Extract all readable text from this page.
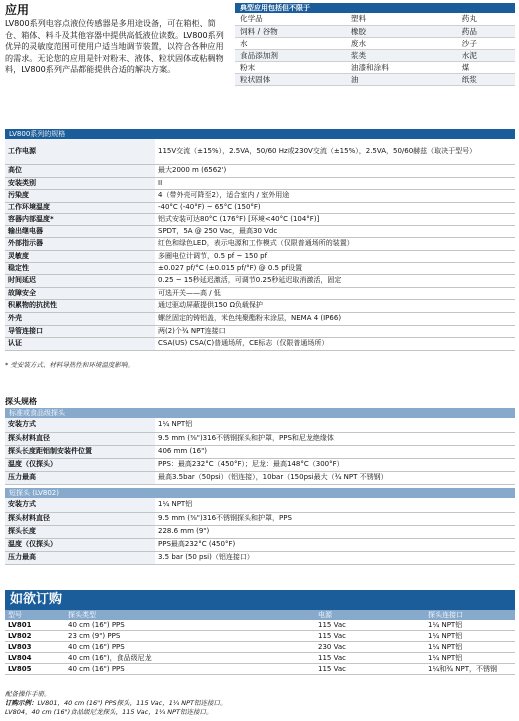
应用

LV800系列电容点液位传感器是多用途设备，可在箱柜、简仓、箱体、料斗及其他容器中提供高低液位读数。LV800系列优异的灵敏度范围可使用户适当地调节装置，以符合各种应用的需求。无论您的应用是针对粉末、液体、粒状固体或粘稠物料，LV800系列产品都能提供合适的解决方案。

典型应用包括但不限于		
化学品	塑料	药丸
饲料 / 谷物	橡胶	药品
水	废水	沙子
食品添加剂	浆类	水泥
粉末	油漆和涂料	煤
粒状固体	油	纸浆
LV800系列的规格
工作电源	115V交流（±15%），2.5VA，50/60 Hz或230V交流（±15%），2.5VA，50/60赫兹（取决于型号）
高位	最大2000 m (6562')
安装类别	II
污染度	4（带外壳可降至2），适合室内 / 室外用途
工作环境温度	-40°C (-40°F) ~ 65°C (150°F)
容器内部温度*	铝式安装可达80°C (176°F) [环境<40°C (104°F)]
输出继电器	SPDT，5A @ 250 Vac，最高30 Vdc
外部指示器	红色和绿色LED，表示电源和工作模式（仅限普通场所的装置）
灵敏度	多圈电位计调节，0.5 pf ~ 150 pf
稳定性	±0.027 pf/°C (±0.015 pf/°F) @ 0.5 pf设置
时间延迟	0.25 ~ 15秒延迟激活，可调节0.25秒延迟取消激活，固定
故障安全	可选开关——高 / 低
积累物的抗扰性	通过驱动屏蔽提供150 Ω负载保护
外壳	螺丝固定的铸铝盖，米色纯聚酯粉末涂层，NEMA 4 (IP66)
导管连接口	两(2)个¾ NPT连接口
认证	CSA(US) CSA(C)普通场所，CE标志（仅限普通场所）
* 受安装方式、材料导热性和环境温度影响。
探头规格
标准或食品级探头
安装方式	1¼ NPT铝
探头材料直径	9.5 mm (⅜")316不锈钢探头和护罩，PPS和尼龙绝缘体
探头长度距铝制安装件位置	406 mm (16")
温度（仅探头）	PPS：最高232°C（450°F）；尼龙：最高148°C（300°F）
压力最高	最高3.5bar（50psi）（铝连接），10bar（150psi最大（¾ NPT 不锈钢）
短探头 (LV802)
安装方式	1¼ NPT铝
探头材料直径	9.5 mm (⅜")316不锈钢探头和护罩，PPS
探头长度	228.6 mm (9")
温度（仅探头）	PPS最高232°C (450°F)
压力最高	3.5 bar (50 psi)（铝连接口）
如欲订购
型号	探头类型	电源	探头连接口
LV801	40 cm (16") PPS	115 Vac	1¼ NPT铝
LV802	23 cm (9") PPS	115 Vac	1¼ NPT铝
LV803	40 cm (16") PPS	230 Vac	1¼ NPT铝
LV804	40 cm (16")，食品级尼龙	115 Vac	1¼ NPT铝
LV805	40 cm (16") PPS	115 Vac	1¼和¾ NPT，不锈钢
配备操作手册。
订购示例：LV801，40 cm (16") PPS探头，115 Vac，1¼ NPT铝连接口。
LV804，40 cm (16")食品级尼龙探头，115 Vac，1¼ NPT铝连接口。
